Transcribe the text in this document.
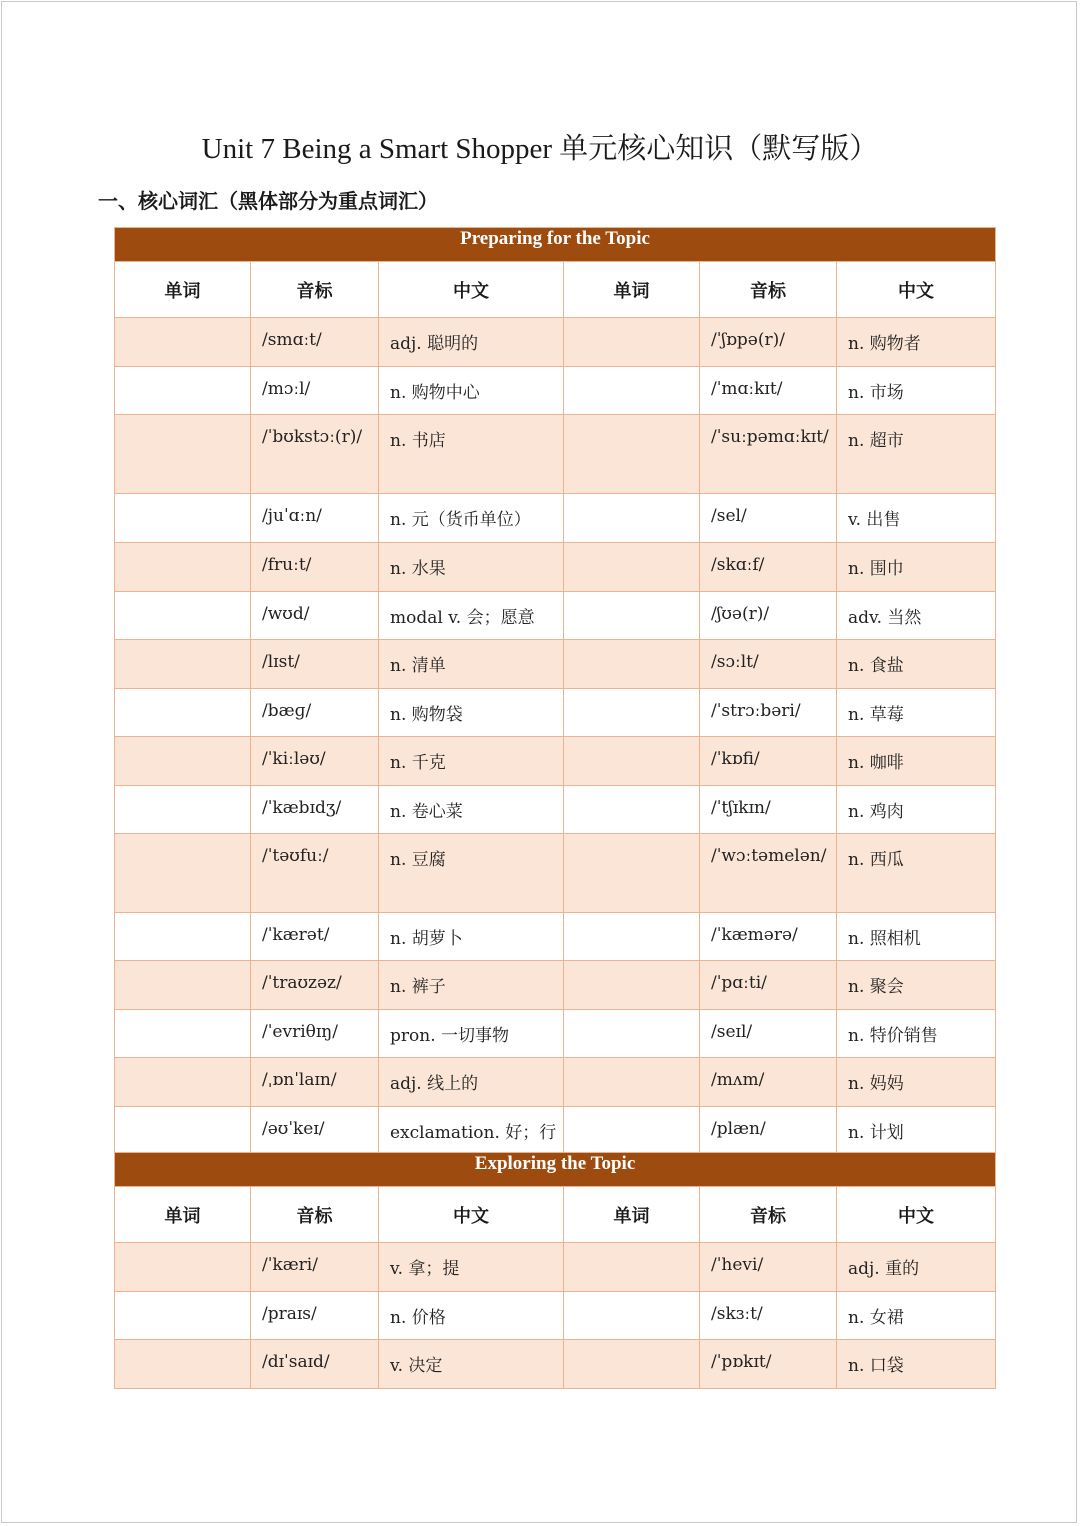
Unit 7 Being a Smart Shopper 单元核心知识（默写版）
一、核心词汇（黑体部分为重点词汇）
Preparing for the Topic					
单词	音标	中文	单词	音标	中文
	/smɑːt/	adj. 聪明的		/ˈʃɒpə(r)/	n. 购物者
	/mɔːl/	n. 购物中心		/ˈmɑːkɪt/	n. 市场
	/ˈbʊkstɔː(r)/	n. 书店		/ˈsuːpəmɑːkɪt/	n. 超市
	/juˈɑːn/	n. 元（货币单位）		/sel/	v. 出售
	/fruːt/	n. 水果		/skɑːf/	n. 围巾
	/wʊd/	modal v. 会；愿意		/ʃʊə(r)/	adv. 当然
	/lɪst/	n. 清单		/sɔːlt/	n. 食盐
	/bæɡ/	n. 购物袋		/ˈstrɔːbəri/	n. 草莓
	/ˈkiːləʊ/	n. 千克		/ˈkɒfi/	n. 咖啡
	/ˈkæbɪdʒ/	n. 卷心菜		/ˈtʃɪkɪn/	n. 鸡肉
	/ˈtəʊfuː/	n. 豆腐		/ˈwɔːtəmelən/	n. 西瓜
	/ˈkærət/	n. 胡萝卜		/ˈkæmərə/	n. 照相机
	/ˈtraʊzəz/	n. 裤子		/ˈpɑːti/	n. 聚会
	/ˈevriθɪŋ/	pron. 一切事物		/seɪl/	n. 特价销售
	/ˌɒnˈlaɪn/	adj. 线上的		/mʌm/	n. 妈妈
	/əʊˈkeɪ/	exclamation. 好；行		/plæn/	n. 计划
Exploring the Topic					
单词	音标	中文	单词	音标	中文
	/ˈkæri/	v. 拿；提		/ˈhevi/	adj. 重的
	/praɪs/	n. 价格		/skɜːt/	n. 女裙
	/dɪˈsaɪd/	v. 决定		/ˈpɒkɪt/	n. 口袋
